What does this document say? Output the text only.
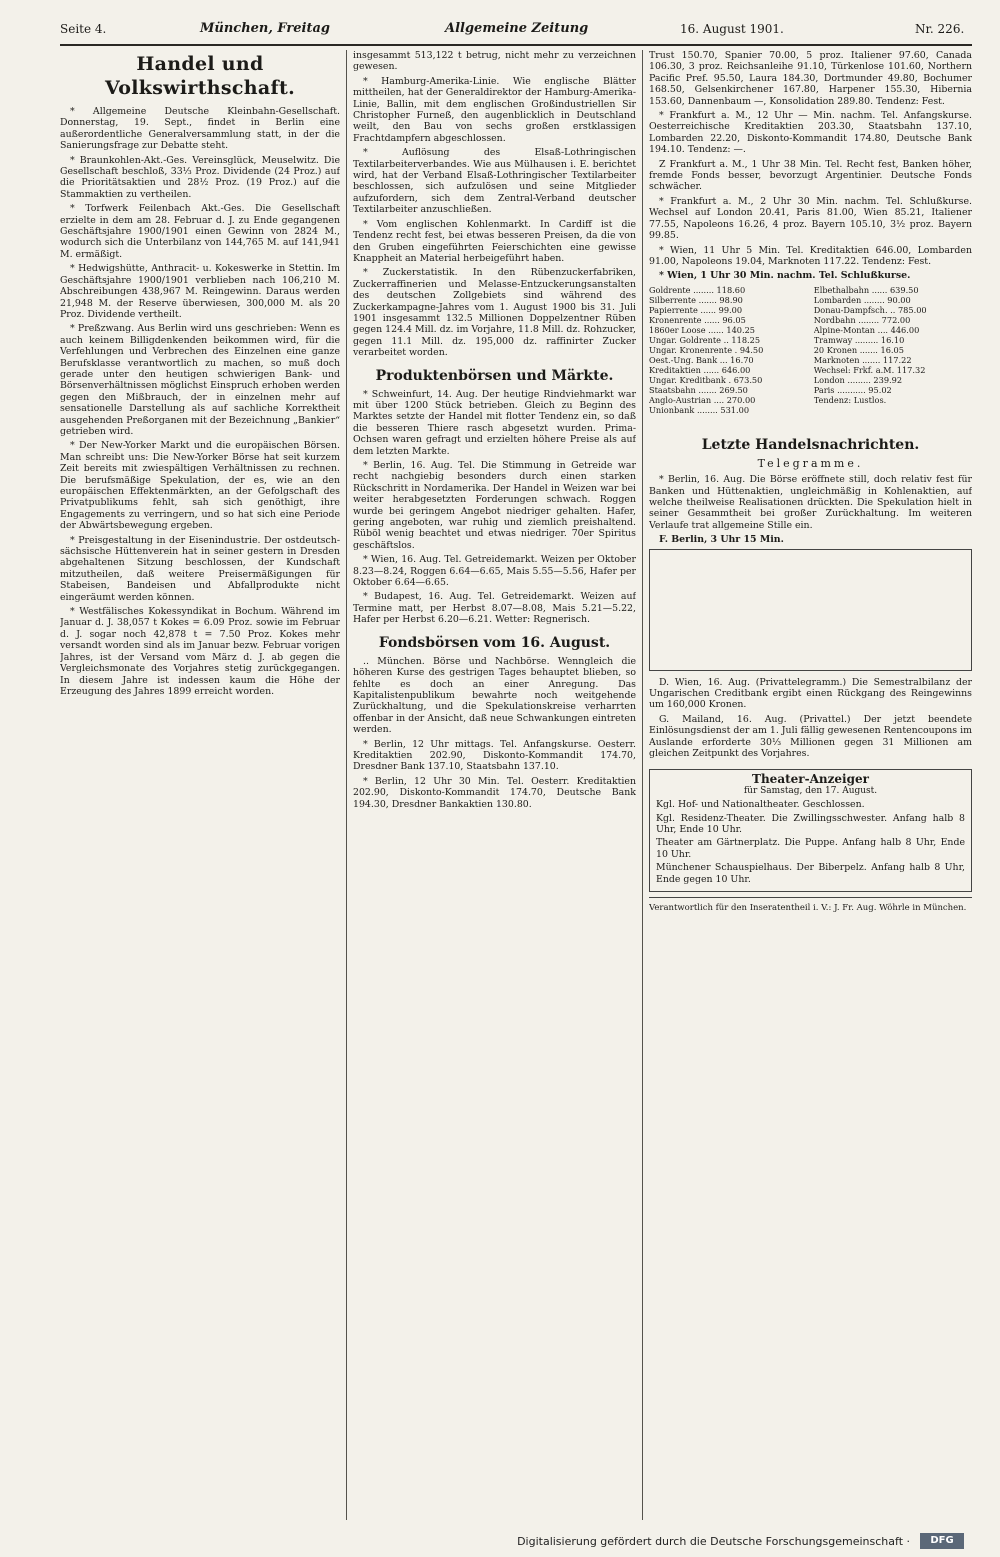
Seite 4.	München, Freitag	Allgemeine Zeitung	16. August 1901.	Nr. 226.
Handel und Volkswirthschaft.

* Allgemeine Deutsche Kleinbahn-Gesellschaft. Donnerstag, 19. Sept., findet in Berlin eine außerordentliche Generalversammlung statt, in der die Sanierungsfrage zur Debatte steht.

* Braunkohlen-Akt.-Ges. Vereinsglück, Meuselwitz. Die Gesellschaft beschloß, 33⅓ Proz. Dividende (24 Proz.) auf die Prioritätsaktien und 28½ Proz. (19 Proz.) auf die Stammaktien zu vertheilen.

* Torfwerk Feilenbach Akt.-Ges. Die Gesellschaft erzielte in dem am 28. Februar d. J. zu Ende gegangenen Geschäftsjahre 1900/1901 einen Gewinn von 2824 M., wodurch sich die Unterbilanz von 144,765 M. auf 141,941 M. ermäßigt.

* Hedwigshütte, Anthracit- u. Kokeswerke in Stettin. Im Geschäftsjahre 1900/1901 verblieben nach 106,210 M. Abschreibungen 438,967 M. Reingewinn. Daraus werden 21,948 M. der Reserve überwiesen, 300,000 M. als 20 Proz. Dividende vertheilt.

* Preßzwang. Aus Berlin wird uns geschrieben: Wenn es auch keinem Billigdenkenden beikommen wird, für die Verfehlungen und Verbrechen des Einzelnen eine ganze Berufsklasse verantwortlich zu machen, so muß doch gerade unter den heutigen schwierigen Bank- und Börsenverhältnissen möglichst Einspruch erhoben werden gegen den Mißbrauch, der in einzelnen mehr auf sensationelle Darstellung als auf sachliche Korrektheit ausgehenden Preßorganen mit der Bezeichnung „Bankier“ getrieben wird.

* Der New-Yorker Markt und die europäischen Börsen. Man schreibt uns: Die New-Yorker Börse hat seit kurzem Zeit bereits mit zwiespältigen Verhältnissen zu rechnen. Die berufsmäßige Spekulation, der es, wie an den europäischen Effektenmärkten, an der Gefolgschaft des Privatpublikums fehlt, sah sich genöthigt, ihre Engagements zu verringern, und so hat sich eine Periode der Abwärtsbewegung ergeben.

* Preisgestaltung in der Eisenindustrie. Der ostdeutsch-sächsische Hüttenverein hat in seiner gestern in Dresden abgehaltenen Sitzung beschlossen, der Kundschaft mitzutheilen, daß weitere Preisermäßigungen für Stabeisen, Bandeisen und Abfallprodukte nicht eingeräumt werden können.

* Westfälisches Kokessyndikat in Bochum. Während im Januar d. J. 38,057 t Kokes = 6.09 Proz. sowie im Februar d. J. sogar noch 42,878 t = 7.50 Proz. Kokes mehr versandt worden sind als im Januar bezw. Februar vorigen Jahres, ist der Versand vom März d. J. ab gegen die Vergleichsmonate des Vorjahres stetig zurückgegangen. In diesem Jahre ist indessen kaum die Höhe der Erzeugung des Jahres 1899 erreicht worden.

insgesammt 513,122 t betrug, nicht mehr zu verzeichnen gewesen.

* Hamburg-Amerika-Linie. Wie englische Blätter mittheilen, hat der Generaldirektor der Hamburg-Amerika-Linie, Ballin, mit dem englischen Großindustriellen Sir Christopher Furneß, den augenblicklich in Deutschland weilt, den Bau von sechs großen erstklassigen Frachtdampfern abgeschlossen.

* Auflösung des Elsaß-Lothringischen Textilarbeiterverbandes. Wie aus Mülhausen i. E. berichtet wird, hat der Verband Elsaß-Lothringischer Textilarbeiter beschlossen, sich aufzulösen und seine Mitglieder aufzufordern, sich dem Zentral-Verband deutscher Textilarbeiter anzuschließen.

* Vom englischen Kohlenmarkt. In Cardiff ist die Tendenz recht fest, bei etwas besseren Preisen, da die von den Gruben eingeführten Feierschichten eine gewisse Knappheit an Material herbeigeführt haben.

* Zuckerstatistik. In den Rübenzuckerfabriken, Zuckerraffinerien und Melasse-Entzuckerungsanstalten des deutschen Zollgebiets sind während des Zuckerkampagne-Jahres vom 1. August 1900 bis 31. Juli 1901 insgesammt 132.5 Millionen Doppelzentner Rüben gegen 124.4 Mill. dz. im Vorjahre, 11.8 Mill. dz. Rohzucker, gegen 11.1 Mill. dz. 195,000 dz. raffinirter Zucker verarbeitet worden.

Produktenbörsen und Märkte.

* Schweinfurt, 14. Aug. Der heutige Rindviehmarkt war mit über 1200 Stück betrieben. Gleich zu Beginn des Marktes setzte der Handel mit flotter Tendenz ein, so daß die besseren Thiere rasch abgesetzt wurden. Prima-Ochsen waren gefragt und erzielten höhere Preise als auf dem letzten Markte.

* Berlin, 16. Aug. Tel. Die Stimmung in Getreide war recht nachgiebig besonders durch einen starken Rückschritt in Nordamerika. Der Handel in Weizen war bei weiter herabgesetzten Forderungen schwach. Roggen wurde bei geringem Angebot niedriger gehalten. Hafer, gering angeboten, war ruhig und ziemlich preishaltend. Rüböl wenig beachtet und etwas niedriger. 70er Spiritus geschäftslos.

* Wien, 16. Aug. Tel. Getreidemarkt. Weizen per Oktober 8.23—8.24, Roggen 6.64—6.65, Mais 5.55—5.56, Hafer per Oktober 6.64—6.65.

* Budapest, 16. Aug. Tel. Getreidemarkt. Weizen auf Termine matt, per Herbst 8.07—8.08, Mais 5.21—5.22, Hafer per Herbst 6.20—6.21. Wetter: Regnerisch.

Fondsbörsen vom 16. August.

.. München. Börse und Nachbörse. Wenngleich die höheren Kurse des gestrigen Tages behauptet blieben, so fehlte es doch an einer Anregung. Das Kapitalistenpublikum bewahrte noch weitgehende Zurückhaltung, und die Spekulationskreise verharrten offenbar in der Ansicht, daß neue Schwankungen eintreten werden.

* Berlin, 12 Uhr mittags. Tel. Anfangskurse. Oesterr. Kreditaktien 202.90, Diskonto-Kommandit 174.70, Dresdner Bank 137.10, Staatsbahn 137.10.

* Berlin, 12 Uhr 30 Min. Tel. Oesterr. Kreditaktien 202.90, Diskonto-Kommandit 174.70, Deutsche Bank 194.30, Dresdner Bankaktien 130.80.

Trust 150.70, Spanier 70.00, 5 proz. Italiener 97.60, Canada 106.30, 3 proz. Reichsanleihe 91.10, Türkenlose 101.60, Northern Pacific Pref. 95.50, Laura 184.30, Dortmunder 49.80, Bochumer 168.50, Gelsenkirchener 167.80, Harpener 155.30, Hibernia 153.60, Dannenbaum —, Konsolidation 289.80. Tendenz: Fest.

* Frankfurt a. M., 12 Uhr — Min. nachm. Tel. Anfangskurse. Oesterreichische Kreditaktien 203.30, Staatsbahn 137.10, Lombarden 22.20, Diskonto-Kommandit 174.80, Deutsche Bank 194.10. Tendenz: —.

Z Frankfurt a. M., 1 Uhr 38 Min. Tel. Recht fest, Banken höher, fremde Fonds besser, bevorzugt Argentinier. Deutsche Fonds schwächer.

* Frankfurt a. M., 2 Uhr 30 Min. nachm. Tel. Schlußkurse. Wechsel auf London 20.41, Paris 81.00, Wien 85.21, Italiener 77.55, Napoleons 16.26, 4 proz. Bayern 105.10, 3½ proz. Bayern 99.85.

* Wien, 11 Uhr 5 Min. Tel. Kreditaktien 646.00, Lombarden 91.00, Napoleons 19.04, Marknoten 117.22. Tendenz: Fest.

* Wien, 1 Uhr 30 Min. nachm. Tel. Schlußkurse.

Goldrente ........ 118.60
Silberrente ....... 98.90
Papierrente ...... 99.00
Kronenrente ...... 96.05
1860er Loose ...... 140.25
Ungar. Goldrente .. 118.25
Ungar. Kronenrente . 94.50
Oest.-Ung. Bank ... 16.70
Kreditaktien ...... 646.00
Ungar. Kreditbank . 673.50
Staatsbahn ....... 269.50
Anglo-Austrian .... 270.00
Unionbank ........ 531.00
Elbethalbahn ...... 639.50
Lombarden ........ 90.00
Donau-Dampfsch. .. 785.00
Nordbahn ........ 772.00
Alpine-Montan .... 446.00
Tramway ......... 16.10
20 Kronen ....... 16.05
Marknoten ....... 117.22
Wechsel: Frkf. a.M. 117.32
London ......... 239.92
Paris ........... 95.02
Tendenz: Lustlos.
Letzte Handelsnachrichten.
Telegramme.

* Berlin, 16. Aug. Die Börse eröffnete still, doch relativ fest für Banken und Hüttenaktien, ungleichmäßig in Kohlenaktien, auf welche theilweise Realisationen drückten. Die Spekulation hielt in seiner Gesammtheit bei großer Zurückhaltung. Im weiteren Verlaufe trat allgemeine Stille ein.

F. Berlin, 3 Uhr 15 Min.

D. Wien, 16. Aug. (Privattelegramm.) Die Semestralbilanz der Ungarischen Creditbank ergibt einen Rückgang des Reingewinns um 160,000 Kronen.

G. Mailand, 16. Aug. (Privattel.) Der jetzt beendete Einlösungsdienst der am 1. Juli fällig gewesenen Rentencoupons im Auslande erforderte 30⅓ Millionen gegen 31 Millionen am gleichen Zeitpunkt des Vorjahres.

Theater-Anzeiger
für Samstag, den 17. August.

Kgl. Hof- und Nationaltheater. Geschlossen.

Kgl. Residenz-Theater. Die Zwillingsschwester. Anfang halb 8 Uhr, Ende 10 Uhr.

Theater am Gärtnerplatz. Die Puppe. Anfang halb 8 Uhr, Ende 10 Uhr.

Münchener Schauspielhaus. Der Biberpelz. Anfang halb 8 Uhr, Ende gegen 10 Uhr.

Verantwortlich für den Inseratentheil i. V.: J. Fr. Aug. Wöhrle in München.

Digitalisierung gefördert durch die Deutsche Forschungsgemeinschaft ·	DFG
